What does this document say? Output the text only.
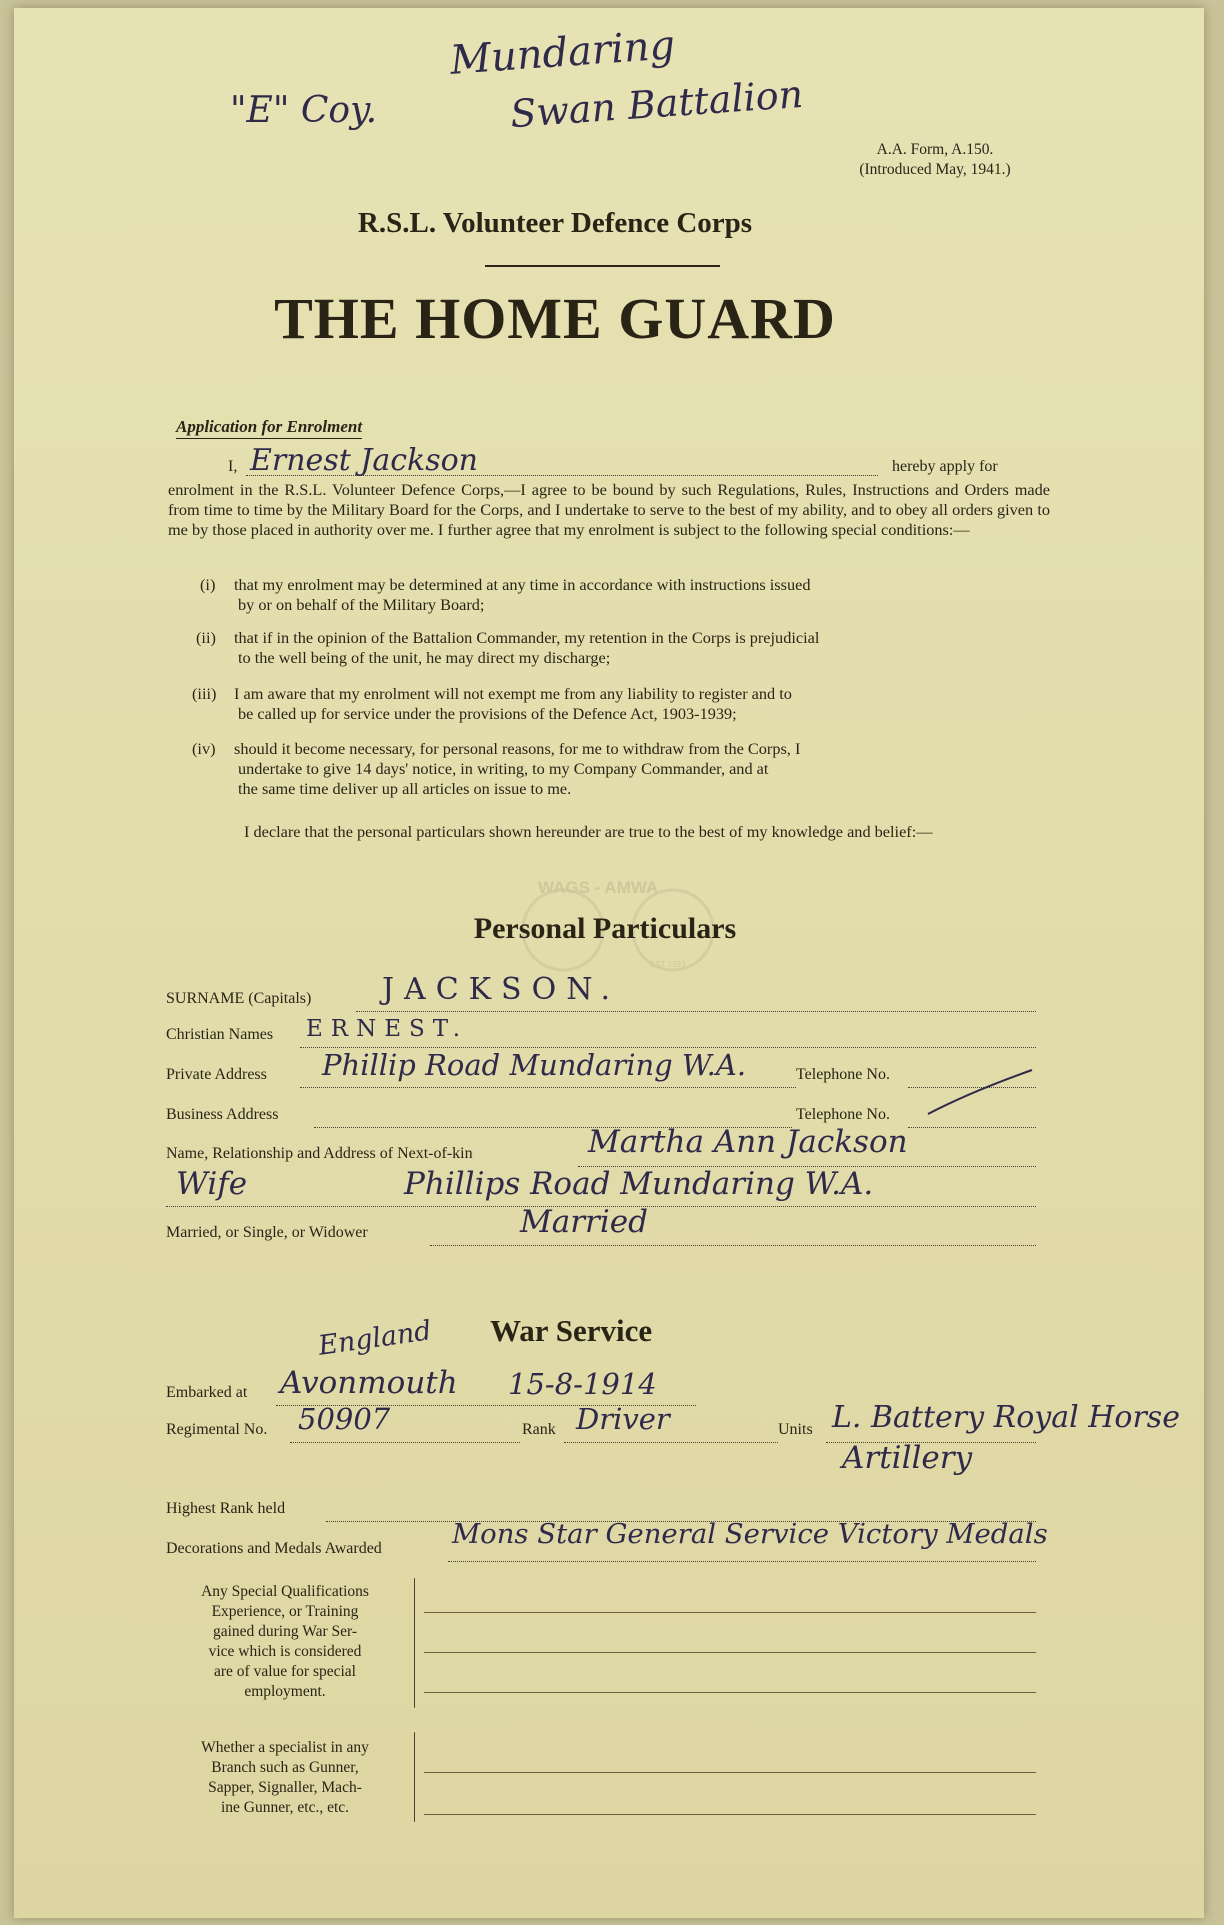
Mundaring
"E" Coy.	Swan Battalion
A.A. Form, A.150.
(Introduced May, 1941.)
R.S.L. Volunteer Defence Corps
THE HOME GUARD
Application for Enrolment
I, Ernest Jackson	hereby apply for
enrolment in the R.S.L. Volunteer Defence Corps,—I agree to be bound by such Regulations, Rules, Instructions and Orders made from time to time by the Military Board for the Corps, and I undertake to serve to the best of my ability, and to obey all orders given to me by those placed in authority over me. I further agree that my enrolment is subject to the following special conditions:—
(i) that my enrolment may be determined at any time in accordance with instructions issued
by or on behalf of the Military Board;
(ii) that if in the opinion of the Battalion Commander, my retention in the Corps is prejudicial
to the well being of the unit, he may direct my discharge;
(iii) I am aware that my enrolment will not exempt me from any liability to register and to
be called up for service under the provisions of the Defence Act, 1903-1939;
(iv) should it become necessary, for personal reasons, for me to withdraw from the Corps, I
undertake to give 14 days' notice, in writing, to my Company Commander, and at
the same time deliver up all articles on issue to me.
I declare that the personal particulars shown hereunder are true to the best of my knowledge and belief:—
WAGS - AMWA
EST 1993
Personal Particulars
SURNAME (Capitals) JACKSON.
Christian Names ERNEST.
Private Address Phillip Road Mundaring W.A.	Telephone No.
Business Address	Telephone No.
Name, Relationship and Address of Next-of-kin	Martha Ann Jackson
Wife	Phillips Road Mundaring W.A.
Married, or Single, or Widower	Married
War Service
England
Embarked at Avonmouth 15-8-1914
Regimental No. 50907	Rank Driver	Units L. Battery Royal Horse
Artillery
Highest Rank held
Decorations and Medals Awarded	Mons Star General Service Victory Medals
Any Special Qualifications
Experience, or Training
gained during War Ser-
vice which is considered
are of value for special
employment.
Whether a specialist in any
Branch such as Gunner,
Sapper, Signaller, Mach-
ine Gunner, etc., etc.
